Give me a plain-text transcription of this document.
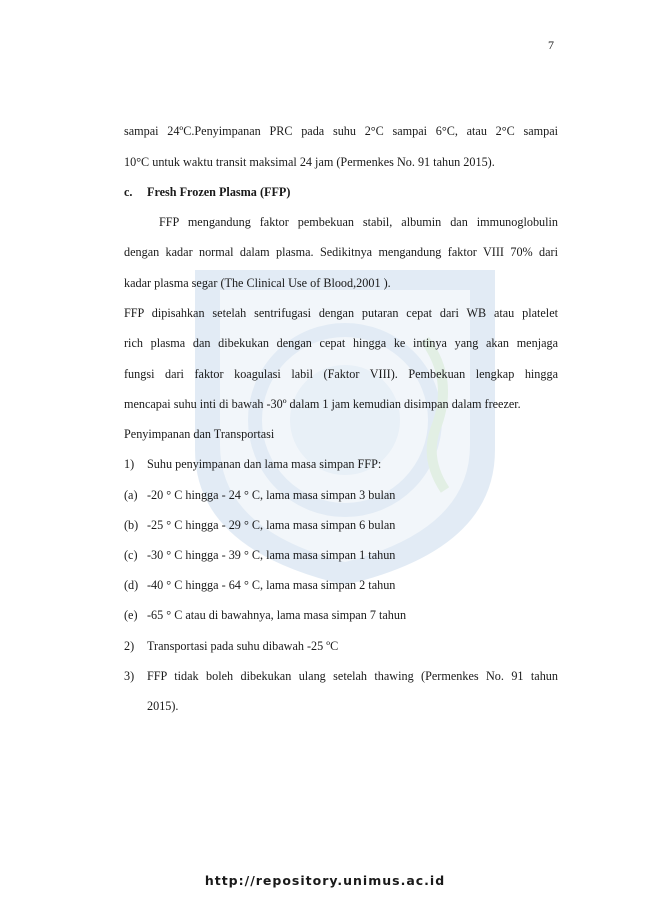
7
sampai 24ºC.Penyimpanan PRC pada suhu 2°C sampai 6°C, atau 2°C sampai
10°C untuk waktu transit maksimal 24 jam (Permenkes No. 91 tahun 2015).
c. Fresh Frozen Plasma (FFP)
FFP mengandung faktor pembekuan stabil, albumin dan immunoglobulin
dengan kadar normal dalam plasma. Sedikitnya mengandung faktor VIII 70% dari
kadar plasma segar (The Clinical Use of Blood,2001 ).
FFP dipisahkan setelah sentrifugasi dengan putaran cepat dari WB atau platelet
rich plasma dan dibekukan dengan cepat hingga ke intinya yang akan menjaga
fungsi dari faktor koagulasi labil (Faktor VIII). Pembekuan lengkap hingga
mencapai suhu inti di bawah -30º dalam 1 jam kemudian disimpan dalam freezer.
Penyimpanan dan Transportasi
1) Suhu penyimpanan dan lama masa simpan FFP:
(a) -20 ° C hingga - 24 ° C, lama masa simpan 3 bulan
(b) -25 ° C hingga - 29 ° C, lama masa simpan 6 bulan
(c) -30 ° C hingga - 39 ° C, lama masa simpan 1 tahun
(d) -40 ° C hingga - 64 ° C, lama masa simpan 2 tahun
(e) -65 ° C atau di bawahnya, lama masa simpan 7 tahun
2) Transportasi pada suhu dibawah -25 ºC
3) FFP tidak boleh dibekukan ulang setelah thawing (Permenkes No. 91 tahun
2015).
http://repository.unimus.ac.id
